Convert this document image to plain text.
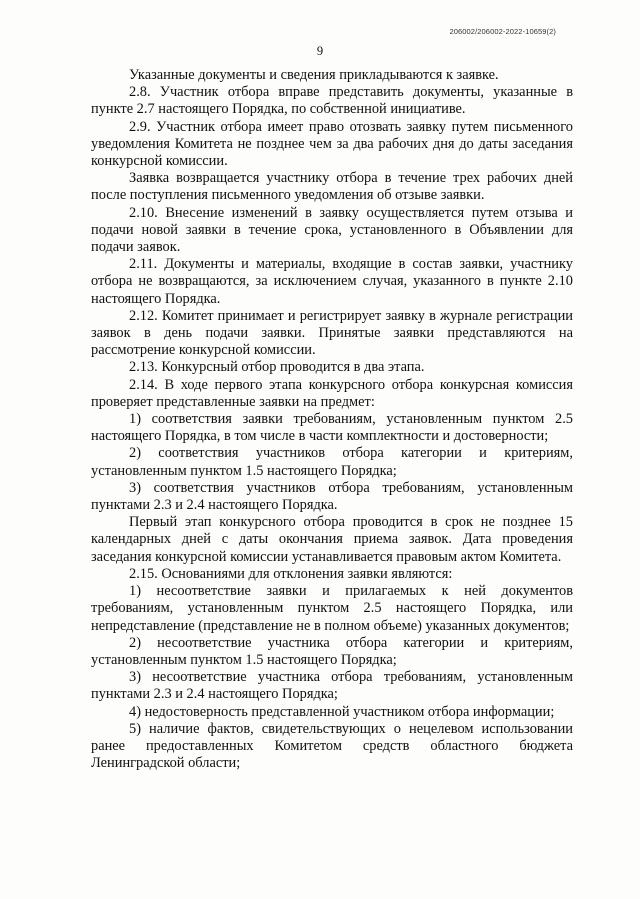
206002/206002-2022-10659(2)
9

Указанные документы и сведения прикладываются к заявке.

2.8. Участник отбора вправе представить документы, указанные в пункте 2.7 настоящего Порядка, по собственной инициативе.

2.9. Участник отбора имеет право отозвать заявку путем письменного уведомления Комитета не позднее чем за два рабочих дня до даты заседания конкурсной комиссии.

Заявка возвращается участнику отбора в течение трех рабочих дней после поступления письменного уведомления об отзыве заявки.

2.10. Внесение изменений в заявку осуществляется путем отзыва и подачи новой заявки в течение срока, установленного в Объявлении для подачи заявок.

2.11. Документы и материалы, входящие в состав заявки, участнику отбора не возвращаются, за исключением случая, указанного в пункте 2.10 настоящего Порядка.

2.12. Комитет принимает и регистрирует заявку в журнале регистрации заявок в день подачи заявки. Принятые заявки представляются на рассмотрение конкурсной комиссии.

2.13. Конкурсный отбор проводится в два этапа.

2.14. В ходе первого этапа конкурсного отбора конкурсная комиссия проверяет представленные заявки на предмет:

1) соответствия заявки требованиям, установленным пунктом 2.5 настоящего Порядка, в том числе в части комплектности и достоверности;

2) соответствия участников отбора категории и критериям, установленным пунктом 1.5 настоящего Порядка;

3) соответствия участников отбора требованиям, установленным пунктами 2.3 и 2.4 настоящего Порядка.

Первый этап конкурсного отбора проводится в срок не позднее 15 календарных дней с даты окончания приема заявок. Дата проведения заседания конкурсной комиссии устанавливается правовым актом Комитета.

2.15. Основаниями для отклонения заявки являются:

1) несоответствие заявки и прилагаемых к ней документов требованиям, установленным пунктом 2.5 настоящего Порядка, или непредставление (представление не в полном объеме) указанных документов;

2) несоответствие участника отбора категории и критериям, установленным пунктом 1.5 настоящего Порядка;

3) несоответствие участника отбора требованиям, установленным пунктами 2.3 и 2.4 настоящего Порядка;

4) недостоверность представленной участником отбора информации;

5) наличие фактов, свидетельствующих о нецелевом использовании ранее предоставленных Комитетом средств областного бюджета Ленинградской области;
